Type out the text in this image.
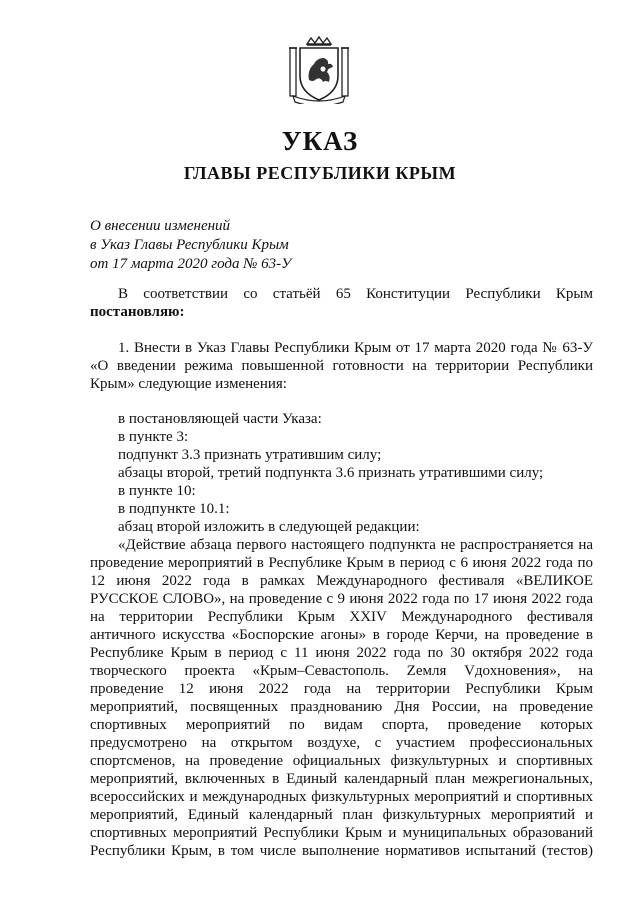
УКАЗ
ГЛАВЫ РЕСПУБЛИКИ КРЫМ
О внесении изменений
в Указ Главы Республики Крым
от 17 марта 2020 года № 63-У
В соответствии со статьёй 65 Конституции Республики Крым
постановляю:
1. Внести в Указ Главы Республики Крым от 17 марта 2020 года № 63-У
«О введении режима повышенной готовности на территории Республики
Крым» следующие изменения:
в постановляющей части Указа:
в пункте 3:
подпункт 3.3 признать утратившим силу;
абзацы второй, третий подпункта 3.6 признать утратившими силу;
в пункте 10:
в подпункте 10.1:
абзац второй изложить в следующей редакции:
«Действие абзаца первого настоящего подпункта не распространяется на
проведение мероприятий в Республике Крым в период с 6 июня 2022 года по
12 июня 2022 года в рамках Международного фестиваля «ВЕЛИКОЕ
РУССКОЕ СЛОВО», на проведение с 9 июня 2022 года по 17 июня 2022 года
на территории Республики Крым XXIV Международного фестиваля
античного искусства «Боспорские агоны» в городе Керчи, на проведение в
Республике Крым в период с 11 июня 2022 года по 30 октября 2022 года
творческого проекта «Крым–Севастополь. Zемля Vдохновения», на
проведение 12 июня 2022 года на территории Республики Крым
мероприятий, посвященных празднованию Дня России, на проведение
спортивных мероприятий по видам спорта, проведение которых
предусмотрено на открытом воздухе, с участием профессиональных
спортсменов, на проведение официальных физкультурных и спортивных
мероприятий, включенных в Единый календарный план межрегиональных,
всероссийских и международных физкультурных мероприятий и спортивных
мероприятий, Единый календарный план физкультурных мероприятий и
спортивных мероприятий Республики Крым и муниципальных образований
Республики Крым, в том числе выполнение нормативов испытаний (тестов)
